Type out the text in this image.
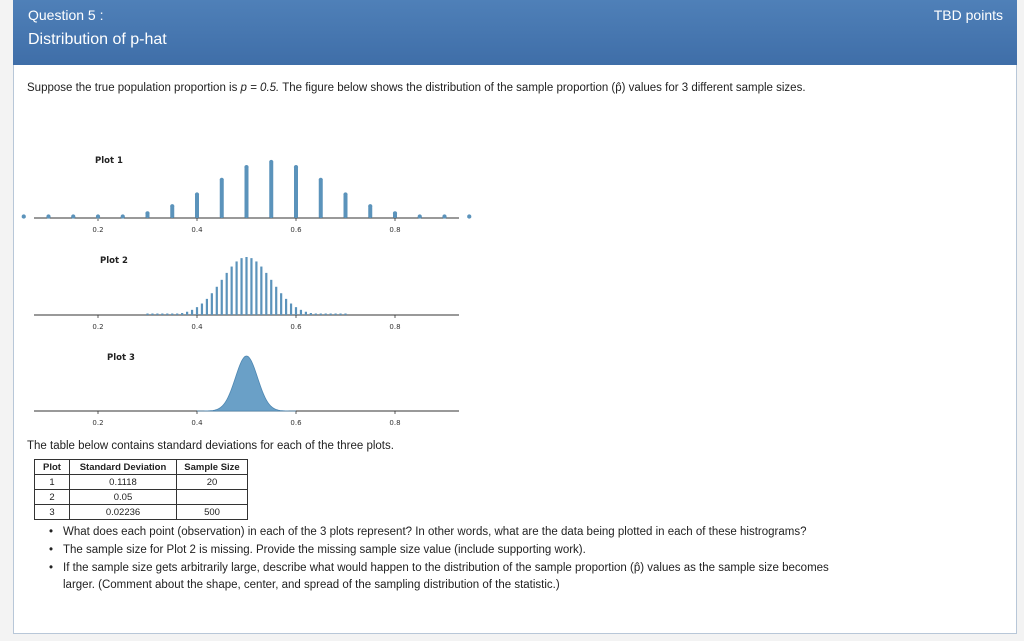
Question 5 :	TBD points
Distribution of p-hat
Suppose the true population proportion is p = 0.5. The figure below shows the distribution of the sample proportion (p̂) values for 3 different sample sizes.
Plot 1
0.2	0.4	0.6	0.8
Plot 2
0.2	0.4	0.6	0.8
Plot 3
0.2	0.4	0.6	0.8
The table below contains standard deviations for each of the three plots.
Plot	Standard Deviation	Sample Size
1	0.1118	20
2	0.05	
3	0.02236	500
• What does each point (observation) in each of the 3 plots represent? In other words, what are the data being plotted in each of these histrograms?
• The sample size for Plot 2 is missing. Provide the missing sample size value (include supporting work).
• If the sample size gets arbitrarily large, describe what would happen to the distribution of the sample proportion (p̂) values as the sample size becomes larger. (Comment about the shape, center, and spread of the sampling distribution of the statistic.)
